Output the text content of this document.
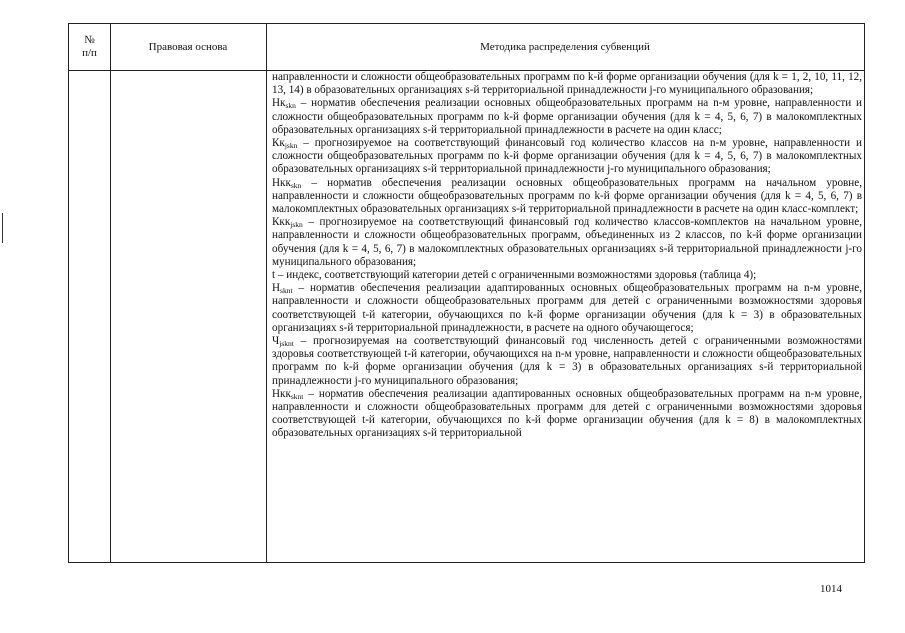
№
п/п
Правовая основа	Методика распределения субвенций

направленности и сложности общеобразовательных программ по k-й форме организации обучения (для k = 1, 2, 10, 11, 12, 13, 14) в образовательных организациях s-й территориальной принадлежности j-го муниципального образования;

$Нк_{skn}$ – норматив обеспечения реализации основных общеобразовательных программ на n-м уровне, направленности и сложности общеобразовательных программ по k-й форме организации обучения (для k = 4, 5, 6, 7) в малокомплектных образовательных организациях s-й территориальной принадлежности в расчете на один класс;

$Кк_{jskn}$ – прогнозируемое на соответствующий финансовый год количество классов на n-м уровне, направленности и сложности общеобразовательных программ по k-й форме организации обучения (для k = 4, 5, 6, 7) в малокомплектных образовательных организациях s-й территориальной принадлежности j-го муниципального образования;

Нкк$_{skn}$ – норматив обеспечения реализации основных общеобразовательных программ на начальном уровне, направленности и сложности общеобразовательных программ по k-й форме организации обучения (для k = 4, 5, 6, 7) в малокомплектных образовательных организациях s-й территориальной принадлежности в расчете на один класс-комплект;

Ккк$_{jskn}$ – прогнозируемое на соответствующий финансовый год количество классов-комплектов на начальном уровне, направленности и сложности общеобразовательных программ, объединенных из 2 классов, по k-й форме организации обучения (для k = 4, 5, 6, 7) в малокомплектных образовательных организациях s-й территориальной принадлежности j-го муниципального образования;

t – индекс, соответствующий категории детей с ограниченными возможностями здоровья (таблица 4);

$Н_{sknt}$ – норматив обеспечения реализации адаптированных основных общеобразовательных программ на n-м уровне, направленности и сложности общеобразовательных программ для детей с ограниченными возможностями здоровья соответствующей t-й категории, обучающихся по k-й форме организации обучения (для k = 3) в образовательных организациях s-й территориальной принадлежности, в расчете на одного обучающегося;

$Ч_{jsknt}$ – прогнозируемая на соответствующий финансовый год численность детей с ограниченными возможностями здоровья соответствующей t-й категории, обучающихся на n-м уровне, направленности и сложности общеобразовательных программ по k-й форме организации обучения (для k = 3) в образовательных организациях s-й территориальной принадлежности j-го муниципального образования;

Нкк$_{sknt}$ – норматив обеспечения реализации адаптированных основных общеобразовательных программ на n-м уровне, направленности и сложности общеобразовательных программ для детей с ограниченными возможностями здоровья соответствующей t-й категории, обучающихся по k-й форме организации обучения (для k = 8) в малокомплектных образовательных организациях s-й территориальной

1014
